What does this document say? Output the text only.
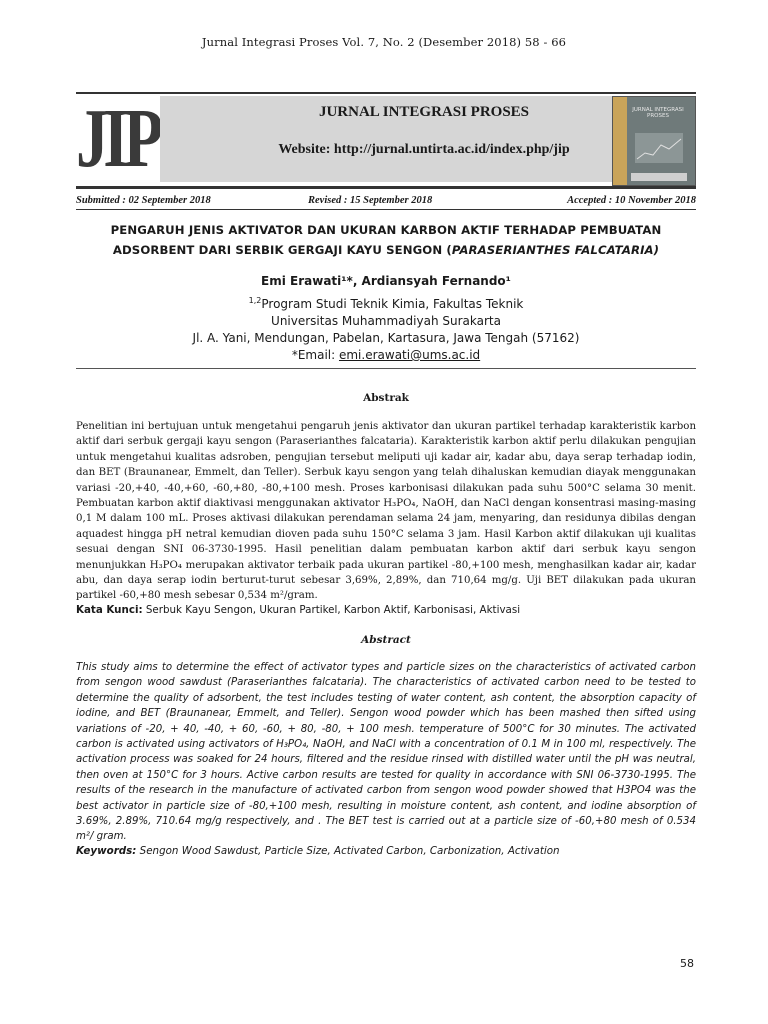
Jurnal Integrasi Proses Vol. 7, No. 2 (Desember 2018) 58 - 66
JIP	JURNAL INTEGRASI PROSES
Website: http://jurnal.untirta.ac.id/index.php/jip
JURNAL INTEGRASI PROSES
Submitted : 02 September 2018	Revised : 15 September 2018	Accepted : 10 November 2018
PENGARUH JENIS AKTIVATOR DAN UKURAN KARBON AKTIF TERHADAP PEMBUATAN
ADSORBENT DARI SERBIK GERGAJI KAYU SENGON (PARASERIANTHES FALCATARIA)
Emi Erawati¹*, Ardiansyah Fernando¹
$^{1,2}$Program Studi Teknik Kimia, Fakultas Teknik
Universitas Muhammadiyah Surakarta
Jl. A. Yani, Mendungan, Pabelan, Kartasura, Jawa Tengah (57162)
*Email: emi.erawati@ums.ac.id
Abstrak
Penelitian ini bertujuan untuk mengetahui pengaruh jenis aktivator dan ukuran partikel terhadap karakteristik karbon aktif dari serbuk gergaji kayu sengon (Paraserianthes falcataria). Karakteristik karbon aktif perlu dilakukan pengujian untuk mengetahui kualitas adsroben, pengujian tersebut meliputi uji kadar air, kadar abu, daya serap terhadap iodin, dan BET (Braunanear, Emmelt, dan Teller). Serbuk kayu sengon yang telah dihaluskan kemudian diayak menggunakan variasi -20,+40, -40,+60, -60,+80, -80,+100 mesh. Proses karbonisasi dilakukan pada suhu 500°C selama 30 menit. Pembuatan karbon aktif diaktivasi menggunakan aktivator H₃PO₄, NaOH, dan NaCl dengan konsentrasi masing-masing 0,1 M dalam 100 mL. Proses aktivasi dilakukan perendaman selama 24 jam, menyaring, dan residunya dibilas dengan aquadest hingga pH netral kemudian dioven pada suhu 150°C selama 3 jam. Hasil Karbon aktif dilakukan uji kualitas sesuai dengan SNI 06-3730-1995. Hasil penelitian dalam pembuatan karbon aktif dari serbuk kayu sengon menunjukkan H₃PO₄ merupakan aktivator terbaik pada ukuran partikel -80,+100 mesh, menghasilkan kadar air, kadar abu, dan daya serap iodin berturut-turut sebesar 3,69%, 2,89%, dan 710,64 mg/g. Uji BET dilakukan pada ukuran partikel -60,+80 mesh sebesar 0,534 m²/gram.
Kata Kunci: Serbuk Kayu Sengon, Ukuran Partikel, Karbon Aktif, Karbonisasi, Aktivasi
Abstract
This study aims to determine the effect of activator types and particle sizes on the characteristics of activated carbon from sengon wood sawdust (Paraserianthes falcataria). The characteristics of activated carbon need to be tested to determine the quality of adsorbent, the test includes testing of water content, ash content, the absorption capacity of iodine, and BET (Braunanear, Emmelt, and Teller). Sengon wood powder which has been mashed then sifted using variations of -20, + 40, -40, + 60, -60, + 80, -80, + 100 mesh. temperature of 500°C for 30 minutes. The activated carbon is activated using activators of H₃PO₄, NaOH, and NaCl with a concentration of 0.1 M in 100 ml, respectively. The activation process was soaked for 24 hours, filtered and the residue rinsed with distilled water until the pH was neutral, then oven at 150°C for 3 hours. Active carbon results are tested for quality in accordance with SNI 06-3730-1995. The results of the research in the manufacture of activated carbon from sengon wood powder showed that H3PO4 was the best activator in particle size of -80,+100 mesh, resulting in moisture content, ash content, and iodine absorption of 3.69%, 2.89%, 710.64 mg/g respectively, and . The BET test is carried out at a particle size of -60,+80 mesh of 0.534 m²/ gram.
Keywords: Sengon Wood Sawdust, Particle Size, Activated Carbon, Carbonization, Activation
58
